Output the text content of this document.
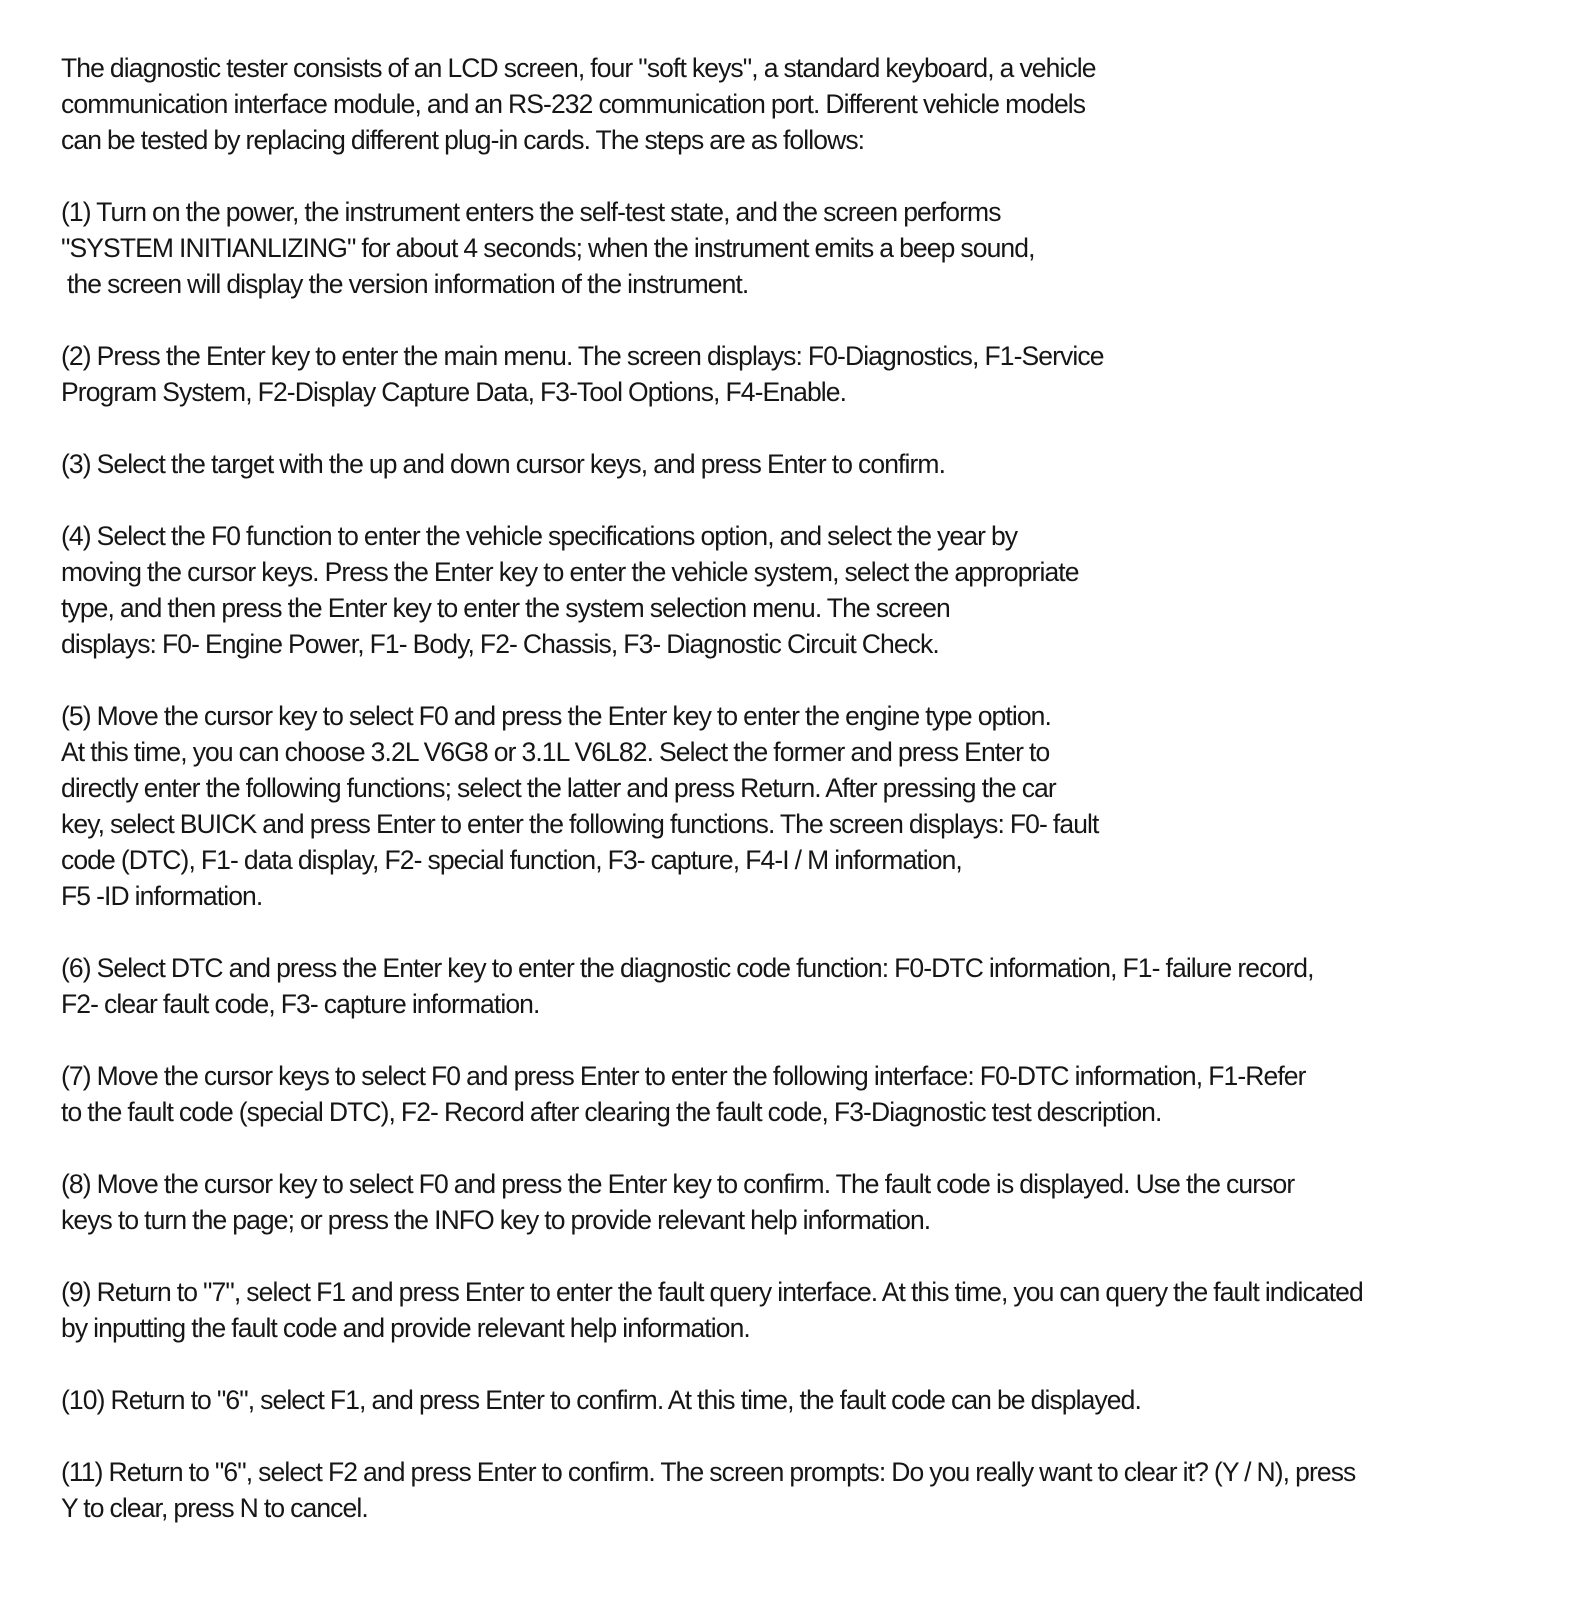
The diagnostic tester consists of an LCD screen, four "soft keys", a standard keyboard, a vehicle
communication interface module, and an RS-232 communication port. Different vehicle models
can be tested by replacing different plug-in cards. The steps are as follows:

(1) Turn on the power, the instrument enters the self-test state, and the screen performs
"SYSTEM INITIANLIZING" for about 4 seconds; when the instrument emits a beep sound,
the screen will display the version information of the instrument.

(2) Press the Enter key to enter the main menu. The screen displays: F0-Diagnostics, F1-Service
Program System, F2-Display Capture Data, F3-Tool Options, F4-Enable.

(3) Select the target with the up and down cursor keys, and press Enter to confirm.

(4) Select the F0 function to enter the vehicle specifications option, and select the year by
moving the cursor keys. Press the Enter key to enter the vehicle system, select the appropriate
type, and then press the Enter key to enter the system selection menu. The screen
displays: F0- Engine Power, F1- Body, F2- Chassis, F3- Diagnostic Circuit Check.

(5) Move the cursor key to select F0 and press the Enter key to enter the engine type option.
At this time, you can choose 3.2L V6G8 or 3.1L V6L82. Select the former and press Enter to
directly enter the following functions; select the latter and press Return. After pressing the car
key, select BUICK and press Enter to enter the following functions. The screen displays: F0- fault
code (DTC), F1- data display, F2- special function, F3- capture, F4-I / M information,
F5 -ID information.

(6) Select DTC and press the Enter key to enter the diagnostic code function: F0-DTC information, F1- failure record,
F2- clear fault code, F3- capture information.

(7) Move the cursor keys to select F0 and press Enter to enter the following interface: F0-DTC information, F1-Refer
to the fault code (special DTC), F2- Record after clearing the fault code, F3-Diagnostic test description.

(8) Move the cursor key to select F0 and press the Enter key to confirm. The fault code is displayed. Use the cursor
keys to turn the page; or press the INFO key to provide relevant help information.

(9) Return to "7", select F1 and press Enter to enter the fault query interface. At this time, you can query the fault indicated
by inputting the fault code and provide relevant help information.

(10) Return to "6", select F1, and press Enter to confirm. At this time, the fault code can be displayed.

(11) Return to "6", select F2 and press Enter to confirm. The screen prompts: Do you really want to clear it? (Y / N), press
Y to clear, press N to cancel.
